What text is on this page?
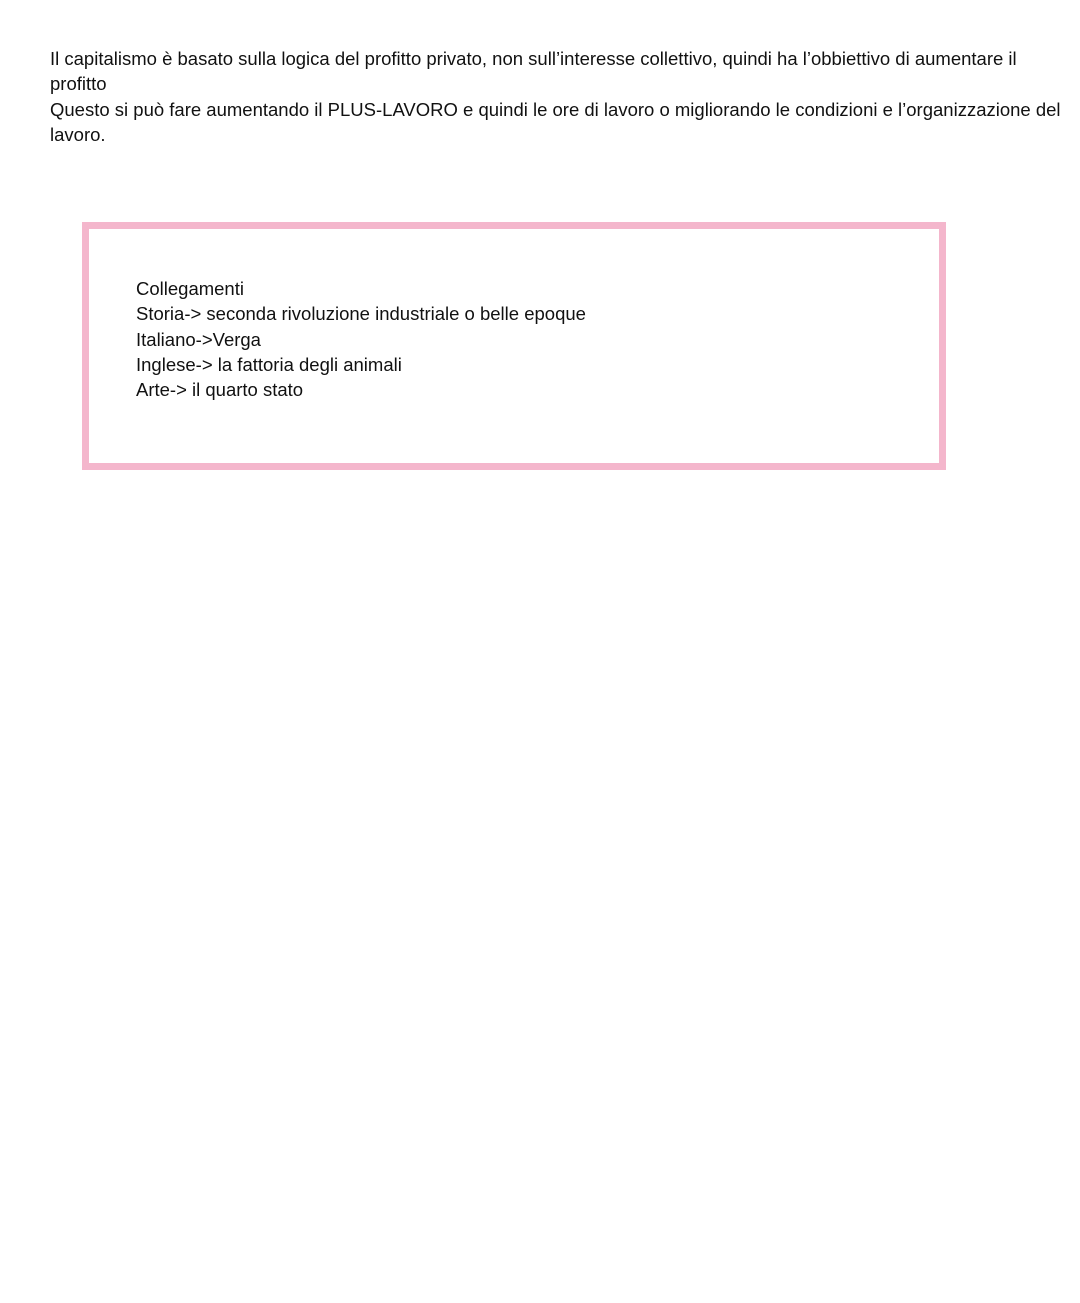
Il capitalismo è basato sulla logica del profitto privato, non sull’interesse collettivo, quindi ha l’obbiettivo di aumentare il profitto

Questo si può fare aumentando il PLUS-LAVORO e quindi le ore di lavoro o migliorando le condizioni e l’organizzazione del lavoro.

Collegamenti
Storia-> seconda rivoluzione industriale o belle epoque
Italiano->Verga
Inglese-> la fattoria degli animali
Arte-> il quarto stato
